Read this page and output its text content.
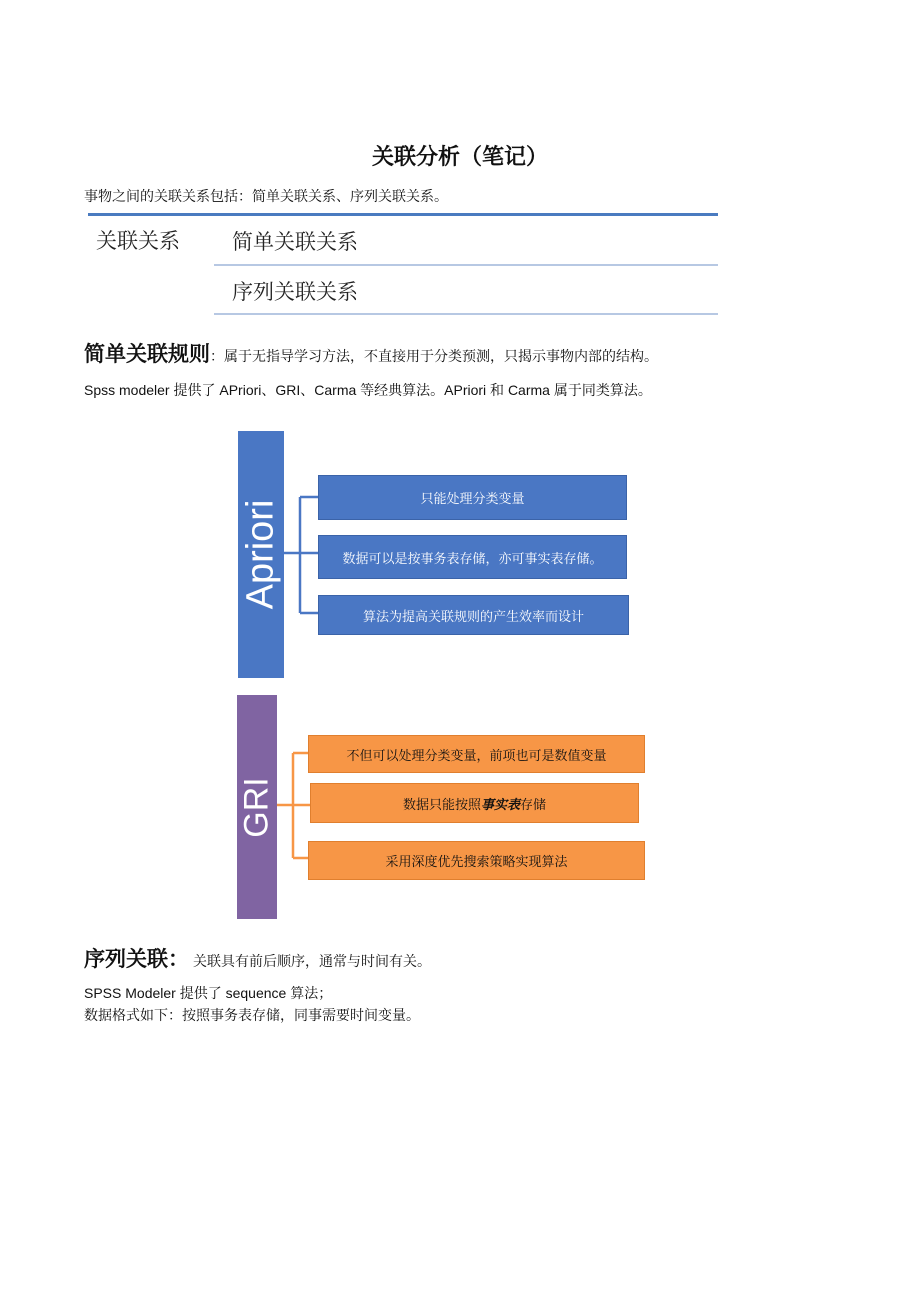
关联分析（笔记）
事物之间的关联关系包括：简单关联关系、序列关联关系。
关联关系 简单关联关系
序列关联关系
简单关联规则：属于无指导学习方法，不直接用于分类预测，只揭示事物内部的结构。
Spss modeler 提供了 APriori、GRI、Carma 等经典算法。APriori 和 Carma 属于同类算法。
Apriori
只能处理分类变量
数据可以是按事务表存储，亦可事实表存储。
算法为提高关联规则的产生效率而设计
GRI
不但可以处理分类变量，前项也可是数值变量
数据只能按照 事实表 存储
采用深度优先搜索策略实现算法
序列关联： 关联具有前后顺序，通常与时间有关。
SPSS Modeler 提供了 sequence 算法；
数据格式如下：按照事务表存储，同事需要时间变量。
